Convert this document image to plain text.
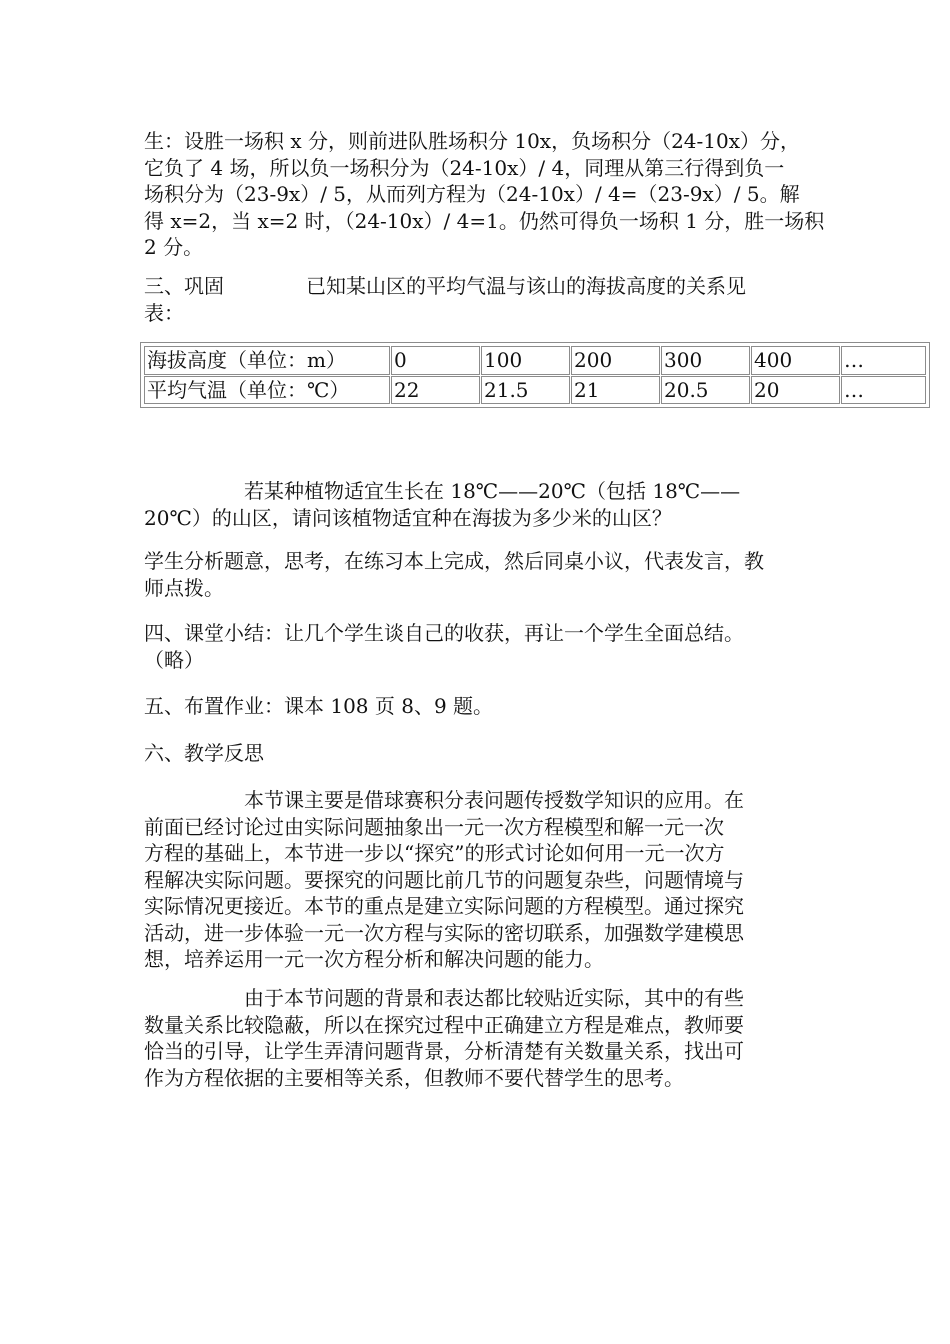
生：设胜一场积 x 分，则前进队胜场积分 10x，负场积分（24-10x）分，
它负了 4 场，所以负一场积分为（24-10x）/ 4，同理从第三行得到负一
场积分为（23-9x）/ 5，从而列方程为（24-10x）/ 4=（23-9x）/ 5。解
得 x=2，当 x=2 时，（24-10x）/ 4=1。仍然可得负一场积 1 分，胜一场积
2 分。

三、巩固	已知某山区的平均气温与该山的海拔高度的关系见
表：

海拔高度（单位：m）	0	100	200	300	400	…
平均气温（单位：℃）	22	21.5	21	20.5	20	…

若某种植物适宜生长在 18℃——20℃（包括 18℃——
20℃）的山区，请问该植物适宜种在海拔为多少米的山区？

学生分析题意，思考，在练习本上完成，然后同桌小议，代表发言，教
师点拨。

四、课堂小结：让几个学生谈自己的收获，再让一个学生全面总结。
（略）

五、布置作业：课本 108 页 8、9 题。

六、教学反思

本节课主要是借球赛积分表问题传授数学知识的应用。在
前面已经讨论过由实际问题抽象出一元一次方程模型和解一元一次
方程的基础上，本节进一步以“探究”的形式讨论如何用一元一次方
程解决实际问题。要探究的问题比前几节的问题复杂些，问题情境与
实际情况更接近。本节的重点是建立实际问题的方程模型。通过探究
活动，进一步体验一元一次方程与实际的密切联系，加强数学建模思
想，培养运用一元一次方程分析和解决问题的能力。

由于本节问题的背景和表达都比较贴近实际，其中的有些
数量关系比较隐蔽，所以在探究过程中正确建立方程是难点，教师要
恰当的引导，让学生弄清问题背景，分析清楚有关数量关系，找出可
作为方程依据的主要相等关系，但教师不要代替学生的思考。
